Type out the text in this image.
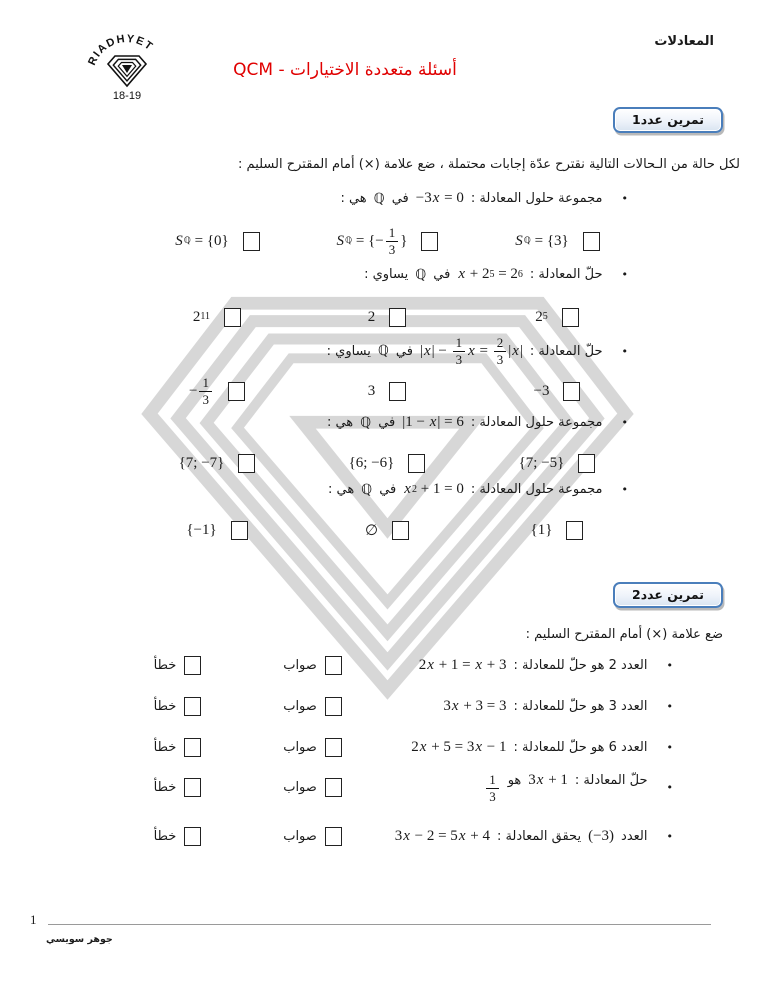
المعادلات
أسئلة متعددة الاختيارات - QCM
RIADHYET
18-19
تمرين عدد1
لكل حالة من الـحالات التالية نقترح عدّة إجابات محتملة ، ضع علامة (×) أمام المقترح السليم :
•
مجموعة حلول المعادلة :
−3 x = 0
في
ℚ
هي :
S ℚ = {0}	S ℚ = { − $\frac{1}{3}$ }	S ℚ = {3}
•
حلّ المعادلة :
x + 2 5 = 2 6
في
ℚ
يساوي :
2 11	2	2 5
•
حلّ المعادلة :
| x | − $\frac{1}{3}$ $x = \frac{2}{3}$ | x |
في
ℚ
يساوي :
− $\frac{1}{3}$	3	−3
•
مجموعة حلول المعادلة :
|1 − x | = 6
في
ℚ
هي :
{7; −7}	{6; −6}	{7; −5}
•
مجموعة حلول المعادلة :
x 2 + 1 = 0
في
ℚ
هي :
{−1}	∅	{1}
تمرين عدد2
ضع علامة (×) أمام المقترح السليم :
•
العدد 2 هو حلّ للمعادلة :
2 x + 1 = x + 3
صواب
خطأ
•
العدد 3 هو حلّ للمعادلة :
3 x + 3 = 3
صواب
خطأ
•
العدد 6 هو حلّ للمعادلة :
2 x + 5 = 3 x − 1
صواب
خطأ
•
حلّ المعادلة :
3 x + 1
هو
$\frac{1}{3}$
صواب
خطأ
•
العدد
(−3)
يحقق المعادلة :
3 x − 2 = 5 x + 4
صواب
خطأ
1
جوهر سويسي
